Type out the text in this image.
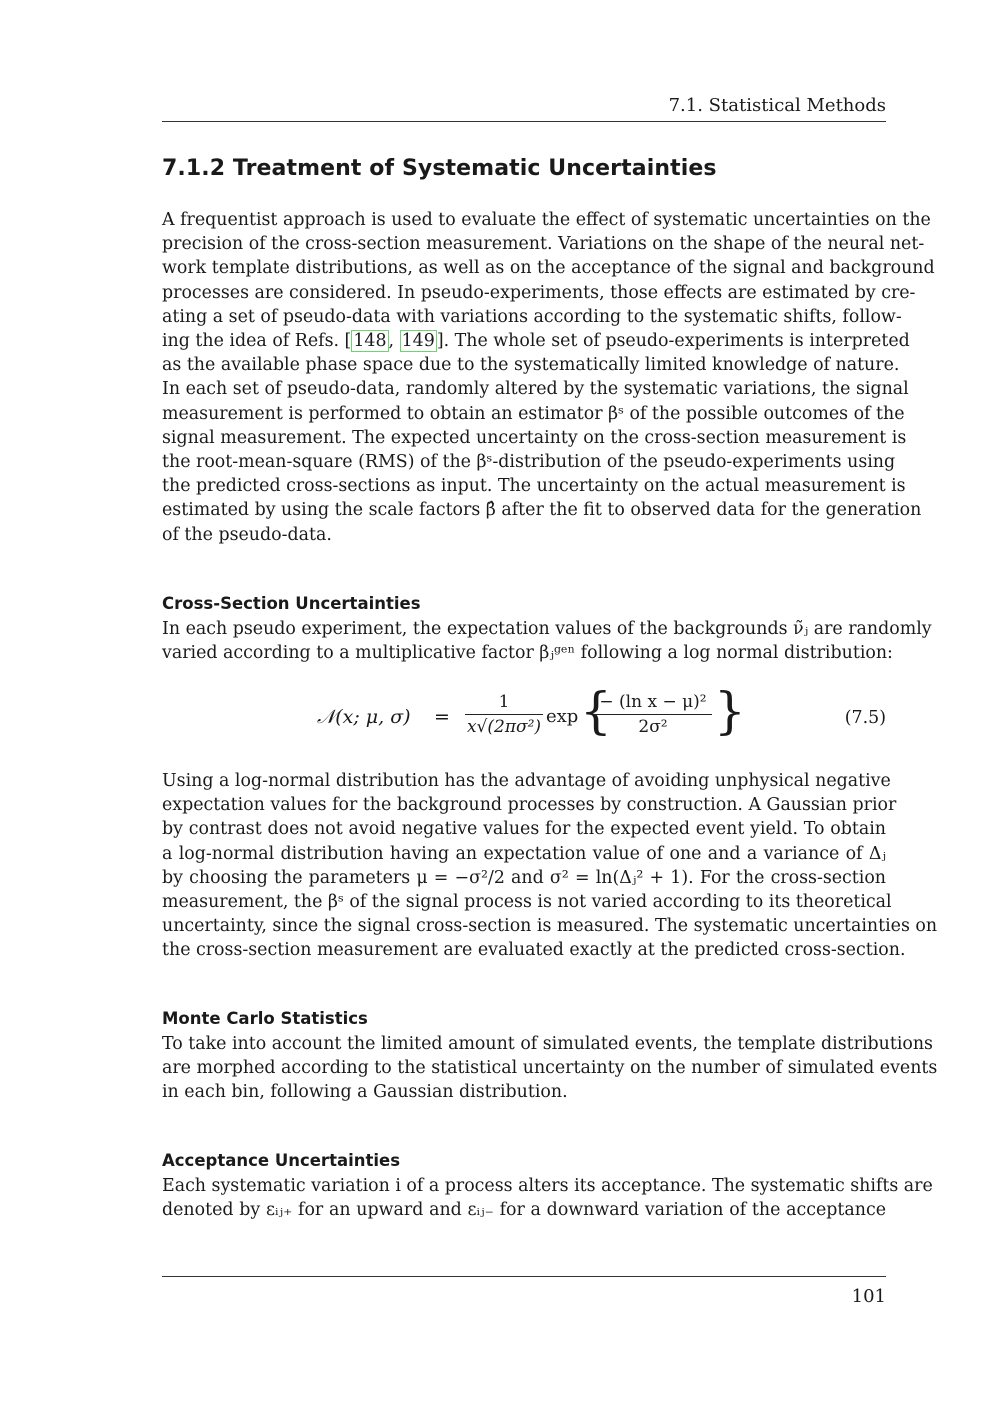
7.1. Statistical Methods
7.1.2 Treatment of Systematic Uncertainties
A frequentist approach is used to evaluate the effect of systematic uncertainties on the
precision of the cross-section measurement. Variations on the shape of the neural net-
work template distributions, as well as on the acceptance of the signal and background
processes are considered. In pseudo-experiments, those effects are estimated by cre-
ating a set of pseudo-data with variations according to the systematic shifts, follow-
ing the idea of Refs. [ 148 , 149 ]. The whole set of pseudo-experiments is interpreted
as the available phase space due to the systematically limited knowledge of nature.
In each set of pseudo-data, randomly altered by the systematic variations, the signal
measurement is performed to obtain an estimator βˢ of the possible outcomes of the
signal measurement. The expected uncertainty on the cross-section measurement is
the root-mean-square (RMS) of the βˢ-distribution of the pseudo-experiments using
the predicted cross-sections as input. The uncertainty on the actual measurement is
estimated by using the scale factors β̂ after the fit to observed data for the generation
of the pseudo-data.
Cross-Section Uncertainties
In each pseudo experiment, the expectation values of the backgrounds ν̃ⱼ are randomly
varied according to a multiplicative factor βⱼᵍᵉⁿ following a log normal distribution:
𝒩(x; μ, $\sigma) = \frac{1}{\text{x√(2πσ²)}}$ exp {
$\frac{\text{− (ln x − μ)²}}{\text{2σ²}}$ }	(7.5)
Using a log-normal distribution has the advantage of avoiding unphysical negative
expectation values for the background processes by construction. A Gaussian prior
by contrast does not avoid negative values for the expected event yield. To obtain
a log-normal distribution having an expectation value of one and a variance of Δⱼ
by choosing the parameters μ = −σ²/2 and σ² = ln(Δⱼ² + 1). For the cross-section
measurement, the βˢ of the signal process is not varied according to its theoretical
uncertainty, since the signal cross-section is measured. The systematic uncertainties on
the cross-section measurement are evaluated exactly at the predicted cross-section.
Monte Carlo Statistics
To take into account the limited amount of simulated events, the template distributions
are morphed according to the statistical uncertainty on the number of simulated events
in each bin, following a Gaussian distribution.
Acceptance Uncertainties
Each systematic variation i of a process alters its acceptance. The systematic shifts are
denoted by εᵢⱼ₊ for an upward and εᵢⱼ₋ for a downward variation of the acceptance
101
